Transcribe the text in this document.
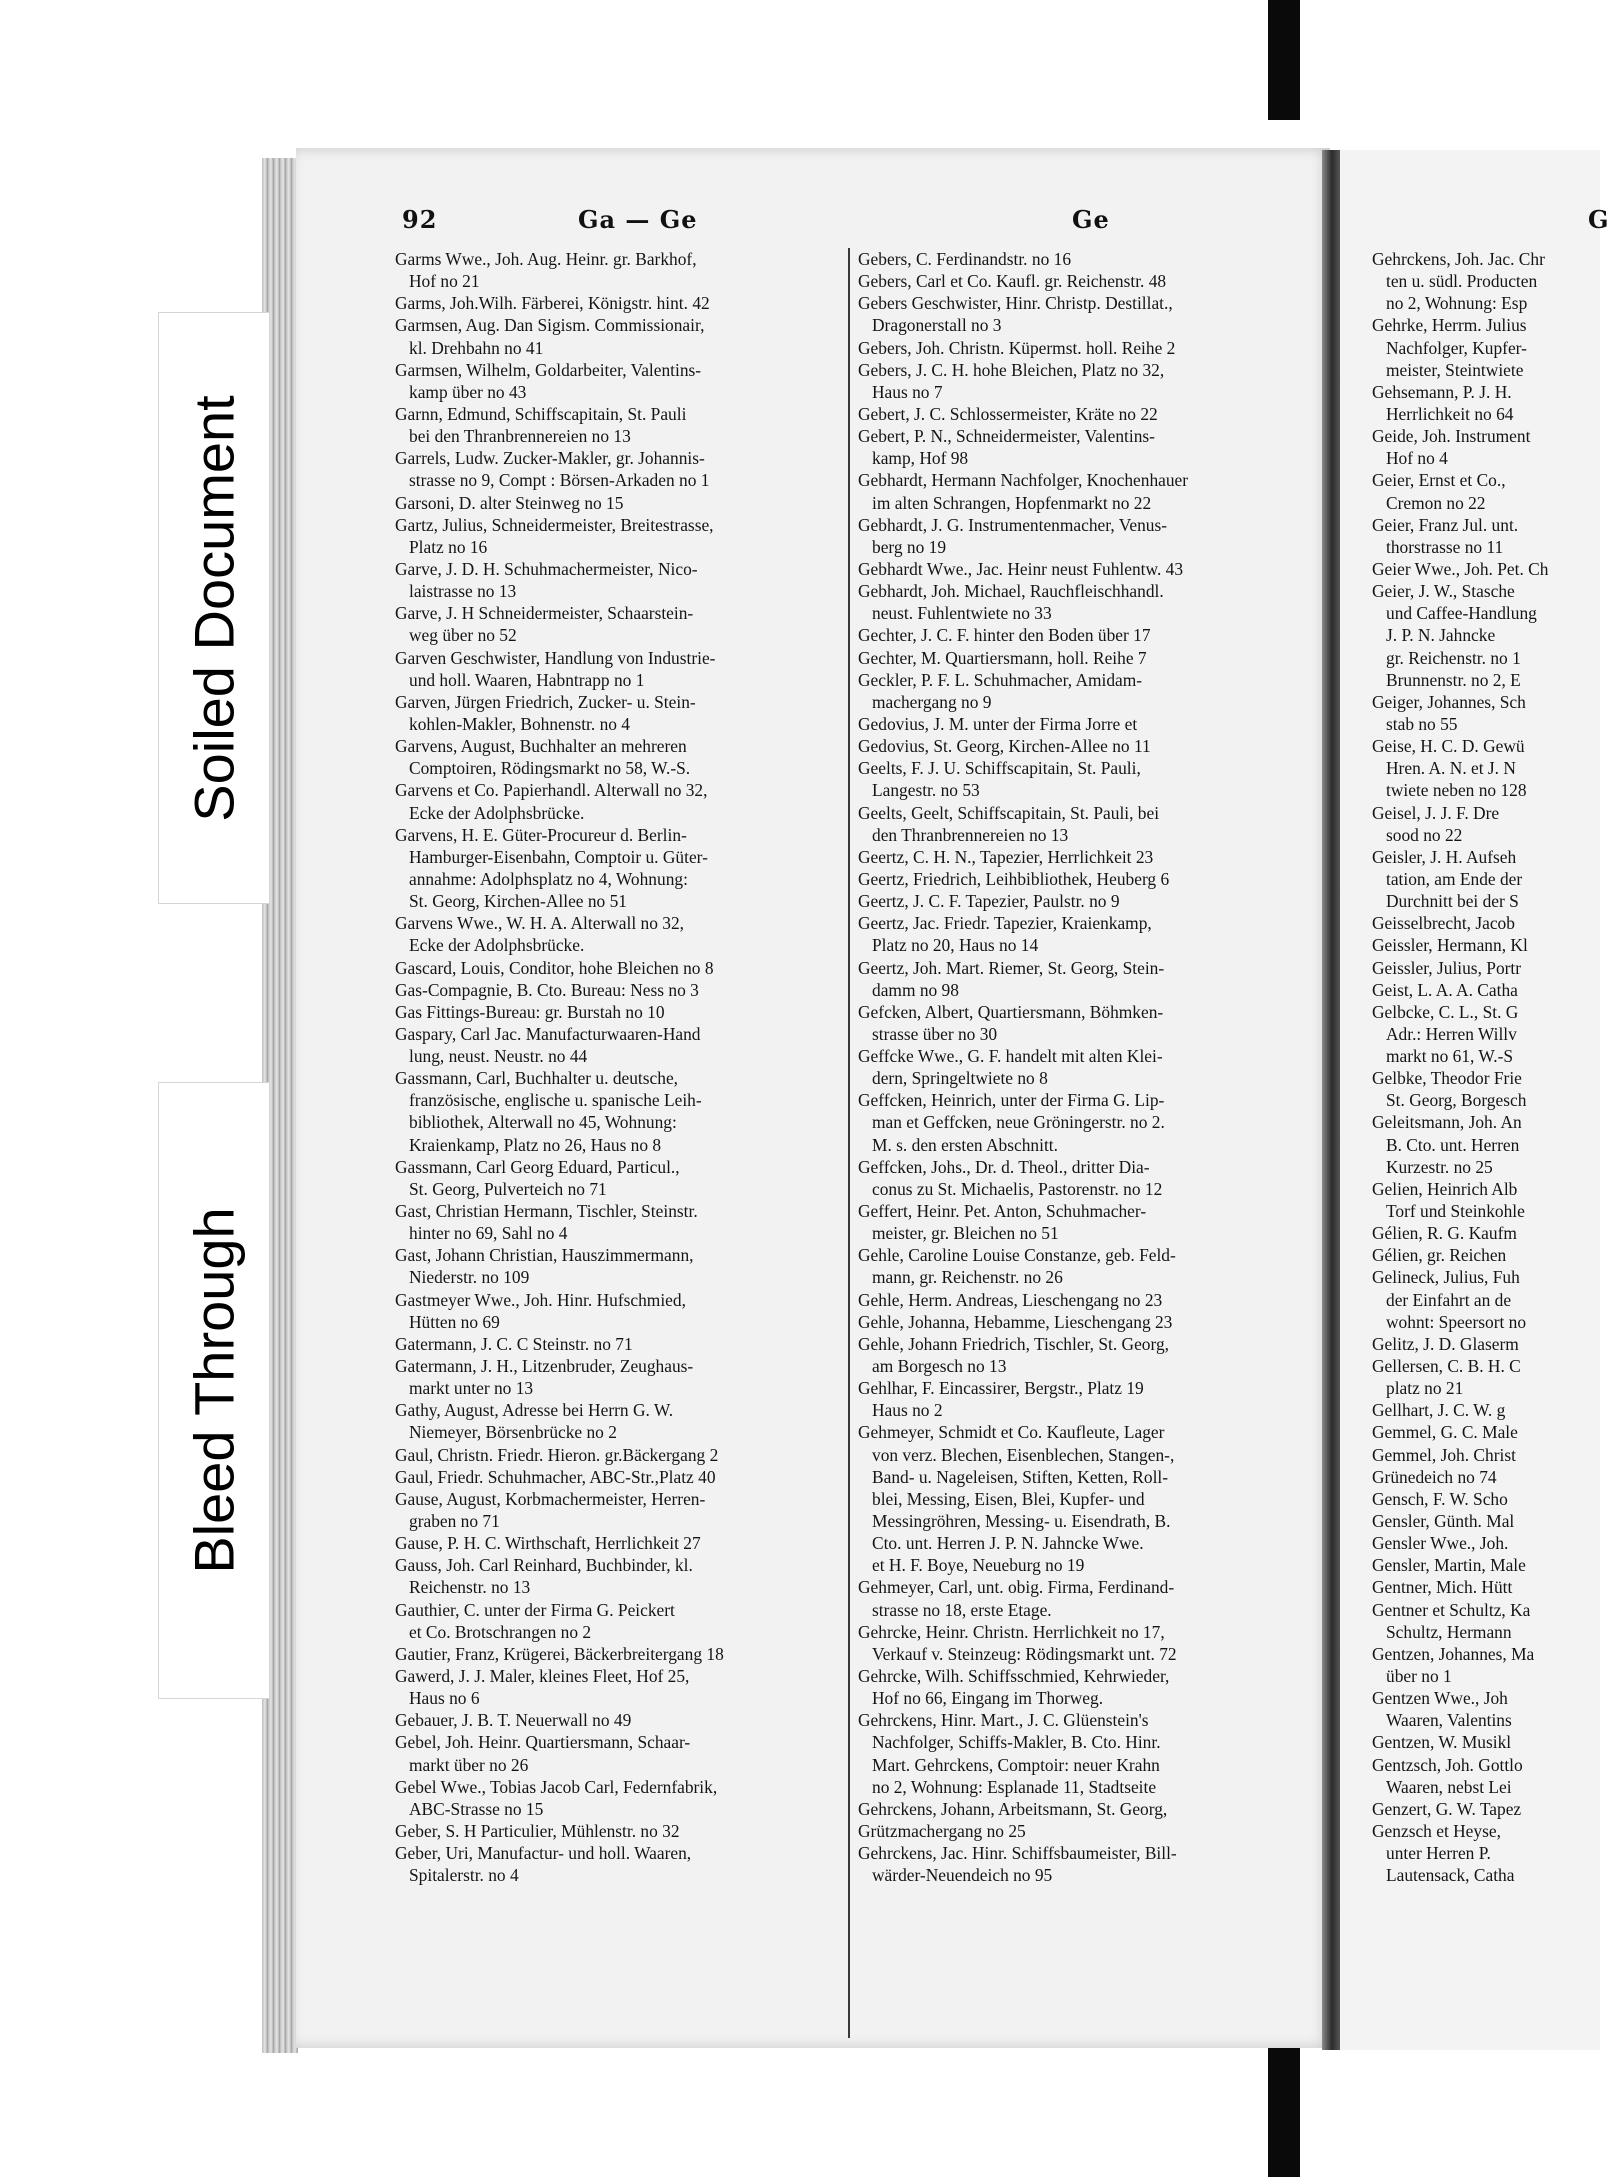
Soiled Document
Bleed Through
92	Ga — Ge	Ge	G
Garms Wwe., Joh. Aug. Heinr. gr. Barkhof,
Hof no 21
Garms, Joh.Wilh. Färberei, Königstr. hint. 42
Garmsen, Aug. Dan Sigism. Commissionair,
kl. Drehbahn no 41
Garmsen, Wilhelm, Goldarbeiter, Valentins-
kamp über no 43
Garnn, Edmund, Schiffscapitain, St. Pauli
bei den Thranbrennereien no 13
Garrels, Ludw. Zucker-Makler, gr. Johannis-
strasse no 9, Compt : Börsen-Arkaden no 1
Garsoni, D. alter Steinweg no 15
Gartz, Julius, Schneidermeister, Breitestrasse,
Platz no 16
Garve, J. D. H. Schuhmachermeister, Nico-
laistrasse no 13
Garve, J. H Schneidermeister, Schaarstein-
weg über no 52
Garven Geschwister, Handlung von Industrie-
und holl. Waaren, Habntrapp no 1
Garven, Jürgen Friedrich, Zucker- u. Stein-
kohlen-Makler, Bohnenstr. no 4
Garvens, August, Buchhalter an mehreren
Comptoiren, Rödingsmarkt no 58, W.-S.
Garvens et Co. Papierhandl. Alterwall no 32,
Ecke der Adolphsbrücke.
Garvens, H. E. Güter-Procureur d. Berlin-
Hamburger-Eisenbahn, Comptoir u. Güter-
annahme: Adolphsplatz no 4, Wohnung:
St. Georg, Kirchen-Allee no 51
Garvens Wwe., W. H. A. Alterwall no 32,
Ecke der Adolphsbrücke.
Gascard, Louis, Conditor, hohe Bleichen no 8
Gas-Compagnie, B. Cto. Bureau: Ness no 3
Gas Fittings-Bureau: gr. Burstah no 10
Gaspary, Carl Jac. Manufacturwaaren-Hand
lung, neust. Neustr. no 44
Gassmann, Carl, Buchhalter u. deutsche,
französische, englische u. spanische Leih-
bibliothek, Alterwall no 45, Wohnung:
Kraienkamp, Platz no 26, Haus no 8
Gassmann, Carl Georg Eduard, Particul.,
St. Georg, Pulverteich no 71
Gast, Christian Hermann, Tischler, Steinstr.
hinter no 69, Sahl no 4
Gast, Johann Christian, Hauszimmermann,
Niederstr. no 109
Gastmeyer Wwe., Joh. Hinr. Hufschmied,
Hütten no 69
Gatermann, J. C. C Steinstr. no 71
Gatermann, J. H., Litzenbruder, Zeughaus-
markt unter no 13
Gathy, August, Adresse bei Herrn G. W.
Niemeyer, Börsenbrücke no 2
Gaul, Christn. Friedr. Hieron. gr.Bäckergang 2
Gaul, Friedr. Schuhmacher, ABC-Str.,Platz 40
Gause, August, Korbmachermeister, Herren-
graben no 71
Gause, P. H. C. Wirthschaft, Herrlichkeit 27
Gauss, Joh. Carl Reinhard, Buchbinder, kl.
Reichenstr. no 13
Gauthier, C. unter der Firma G. Peickert
et Co. Brotschrangen no 2
Gautier, Franz, Krügerei, Bäckerbreitergang 18
Gawerd, J. J. Maler, kleines Fleet, Hof 25,
Haus no 6
Gebauer, J. B. T. Neuerwall no 49
Gebel, Joh. Heinr. Quartiersmann, Schaar-
markt über no 26
Gebel Wwe., Tobias Jacob Carl, Federnfabrik,
ABC-Strasse no 15
Geber, S. H Particulier, Mühlenstr. no 32
Geber, Uri, Manufactur- und holl. Waaren,
Spitalerstr. no 4
Gebers, C. Ferdinandstr. no 16
Gebers, Carl et Co. Kaufl. gr. Reichenstr. 48
Gebers Geschwister, Hinr. Christp. Destillat.,
Dragonerstall no 3
Gebers, Joh. Christn. Küpermst. holl. Reihe 2
Gebers, J. C. H. hohe Bleichen, Platz no 32,
Haus no 7
Gebert, J. C. Schlossermeister, Kräte no 22
Gebert, P. N., Schneidermeister, Valentins-
kamp, Hof 98
Gebhardt, Hermann Nachfolger, Knochenhauer
im alten Schrangen, Hopfenmarkt no 22
Gebhardt, J. G. Instrumentenmacher, Venus-
berg no 19
Gebhardt Wwe., Jac. Heinr neust Fuhlentw. 43
Gebhardt, Joh. Michael, Rauchfleischhandl.
neust. Fuhlentwiete no 33
Gechter, J. C. F. hinter den Boden über 17
Gechter, M. Quartiersmann, holl. Reihe 7
Geckler, P. F. L. Schuhmacher, Amidam-
machergang no 9
Gedovius, J. M. unter der Firma Jorre et
Gedovius, St. Georg, Kirchen-Allee no 11
Geelts, F. J. U. Schiffscapitain, St. Pauli,
Langestr. no 53
Geelts, Geelt, Schiffscapitain, St. Pauli, bei
den Thranbrennereien no 13
Geertz, C. H. N., Tapezier, Herrlichkeit 23
Geertz, Friedrich, Leihbibliothek, Heuberg 6
Geertz, J. C. F. Tapezier, Paulstr. no 9
Geertz, Jac. Friedr. Tapezier, Kraienkamp,
Platz no 20, Haus no 14
Geertz, Joh. Mart. Riemer, St. Georg, Stein-
damm no 98
Gefcken, Albert, Quartiersmann, Böhmken-
strasse über no 30
Geffcke Wwe., G. F. handelt mit alten Klei-
dern, Springeltwiete no 8
Geffcken, Heinrich, unter der Firma G. Lip-
man et Geffcken, neue Gröningerstr. no 2.
M. s. den ersten Abschnitt.
Geffcken, Johs., Dr. d. Theol., dritter Dia-
conus zu St. Michaelis, Pastorenstr. no 12
Geffert, Heinr. Pet. Anton, Schuhmacher-
meister, gr. Bleichen no 51
Gehle, Caroline Louise Constanze, geb. Feld-
mann, gr. Reichenstr. no 26
Gehle, Herm. Andreas, Lieschengang no 23
Gehle, Johanna, Hebamme, Lieschengang 23
Gehle, Johann Friedrich, Tischler, St. Georg,
am Borgesch no 13
Gehlhar, F. Eincassirer, Bergstr., Platz 19
Haus no 2
Gehmeyer, Schmidt et Co. Kaufleute, Lager
von verz. Blechen, Eisenblechen, Stangen-,
Band- u. Nageleisen, Stiften, Ketten, Roll-
blei, Messing, Eisen, Blei, Kupfer- und
Messingröhren, Messing- u. Eisendrath, B.
Cto. unt. Herren J. P. N. Jahncke Wwe.
et H. F. Boye, Neueburg no 19
Gehmeyer, Carl, unt. obig. Firma, Ferdinand-
strasse no 18, erste Etage.
Gehrcke, Heinr. Christn. Herrlichkeit no 17,
Verkauf v. Steinzeug: Rödingsmarkt unt. 72
Gehrcke, Wilh. Schiffsschmied, Kehrwieder,
Hof no 66, Eingang im Thorweg.
Gehrckens, Hinr. Mart., J. C. Glüenstein's
Nachfolger, Schiffs-Makler, B. Cto. Hinr.
Mart. Gehrckens, Comptoir: neuer Krahn
no 2, Wohnung: Esplanade 11, Stadtseite
Gehrckens, Johann, Arbeitsmann, St. Georg,
Grützmachergang no 25
Gehrckens, Jac. Hinr. Schiffsbaumeister, Bill-
wärder-Neuendeich no 95
Gehrckens, Joh. Jac. Chr
ten u. südl. Producten
no 2, Wohnung: Esp
Gehrke, Herrm. Julius
Nachfolger, Kupfer-
meister, Steintwiete
Gehsemann, P. J. H.
Herrlichkeit no 64
Geide, Joh. Instrument
Hof no 4
Geier, Ernst et Co.,
Cremon no 22
Geier, Franz Jul. unt.
thorstrasse no 11
Geier Wwe., Joh. Pet. Ch
Geier, J. W., Stasche
und Caffee-Handlung
J. P. N. Jahncke
gr. Reichenstr. no 1
Brunnenstr. no 2, E
Geiger, Johannes, Sch
stab no 55
Geise, H. C. D. Gewü
Hren. A. N. et J. N
twiete neben no 128
Geisel, J. J. F. Dre
sood no 22
Geisler, J. H. Aufseh
tation, am Ende der
Durchnitt bei der S
Geisselbrecht, Jacob
Geissler, Hermann, Kl
Geissler, Julius, Portr
Geist, L. A. A. Catha
Gelbcke, C. L., St. G
Adr.: Herren Willv
markt no 61, W.-S
Gelbke, Theodor Frie
St. Georg, Borgesch
Geleitsmann, Joh. An
B. Cto. unt. Herren
Kurzestr. no 25
Gelien, Heinrich Alb
Torf und Steinkohle
Gélien, R. G. Kaufm
Gélien, gr. Reichen
Gelineck, Julius, Fuh
der Einfahrt an de
wohnt: Speersort no
Gelitz, J. D. Glaserm
Gellersen, C. B. H. C
platz no 21
Gellhart, J. C. W. g
Gemmel, G. C. Male
Gemmel, Joh. Christ
Grünedeich no 74
Gensch, F. W. Scho
Gensler, Günth. Mal
Gensler Wwe., Joh.
Gensler, Martin, Male
Gentner, Mich. Hütt
Gentner et Schultz, Ka
Schultz, Hermann
Gentzen, Johannes, Ma
über no 1
Gentzen Wwe., Joh
Waaren, Valentins
Gentzen, W. Musikl
Gentzsch, Joh. Gottlo
Waaren, nebst Lei
Genzert, G. W. Tapez
Genzsch et Heyse,
unter Herren P.
Lautensack, Catha
